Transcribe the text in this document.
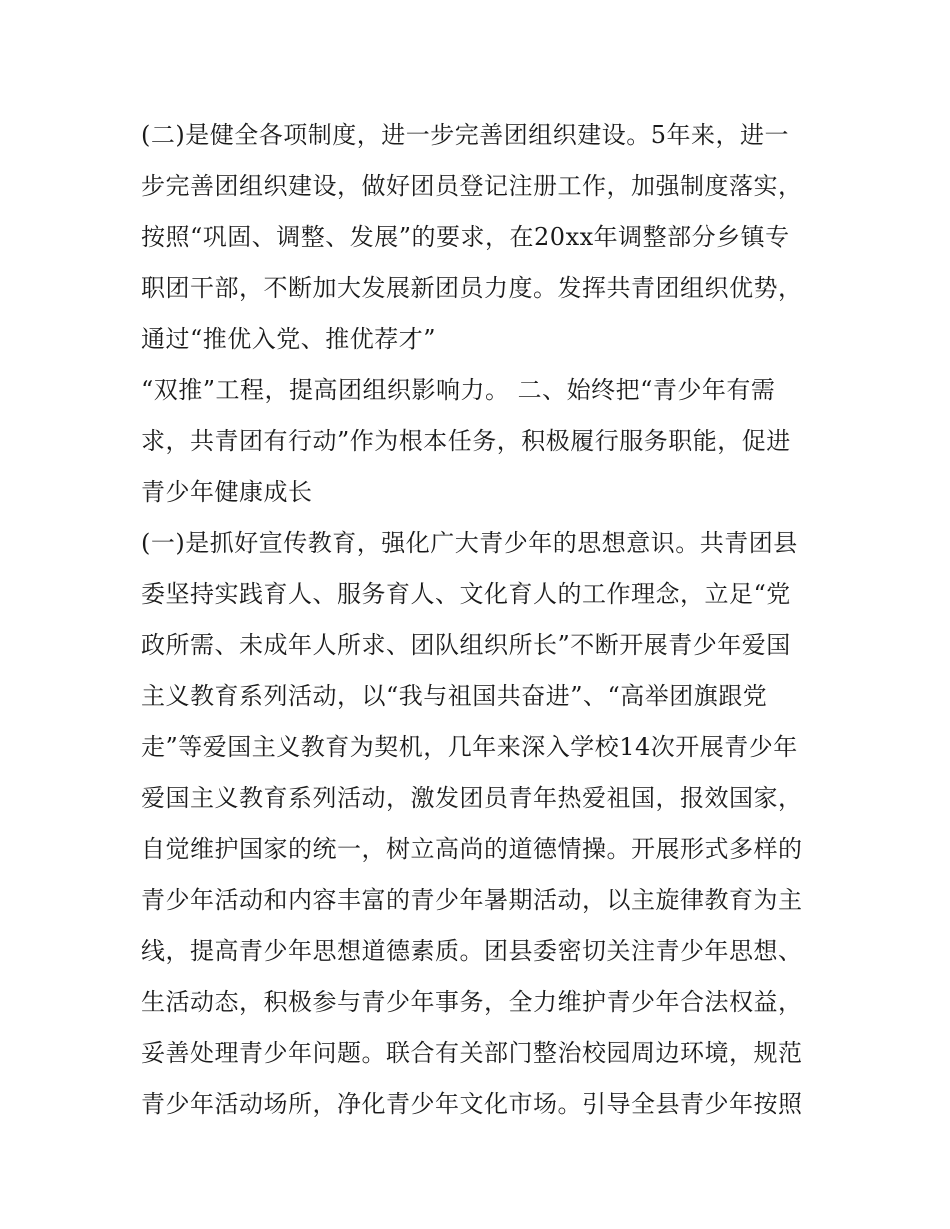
(二)是健全各项制度，进一步完善团组织建设。5年来，进一
步完善团组织建设，做好团员登记注册工作，加强制度落实，
按照“巩固、调整、发展”的要求，在20xx年调整部分乡镇专
职团干部，不断加大发展新团员力度。发挥共青团组织优势，
通过“推优入党、推优荐才”
“双推”工程，提高团组织影响力。 二、始终把“青少年有需
求，共青团有行动”作为根本任务，积极履行服务职能，促进
青少年健康成长
(一)是抓好宣传教育，强化广大青少年的思想意识。共青团县
委坚持实践育人、服务育人、文化育人的工作理念，立足“党
政所需、未成年人所求、团队组织所长”不断开展青少年爱国
主义教育系列活动，以“我与祖国共奋进”、“高举团旗跟党
走”等爱国主义教育为契机，几年来深入学校14次开展青少年
爱国主义教育系列活动，激发团员青年热爱祖国，报效国家，
自觉维护国家的统一，树立高尚的道德情操。开展形式多样的
青少年活动和内容丰富的青少年暑期活动，以主旋律教育为主
线，提高青少年思想道德素质。团县委密切关注青少年思想、
生活动态，积极参与青少年事务，全力维护青少年合法权益，
妥善处理青少年问题。联合有关部门整治校园周边环境，规范
青少年活动场所，净化青少年文化市场。引导全县青少年按照
